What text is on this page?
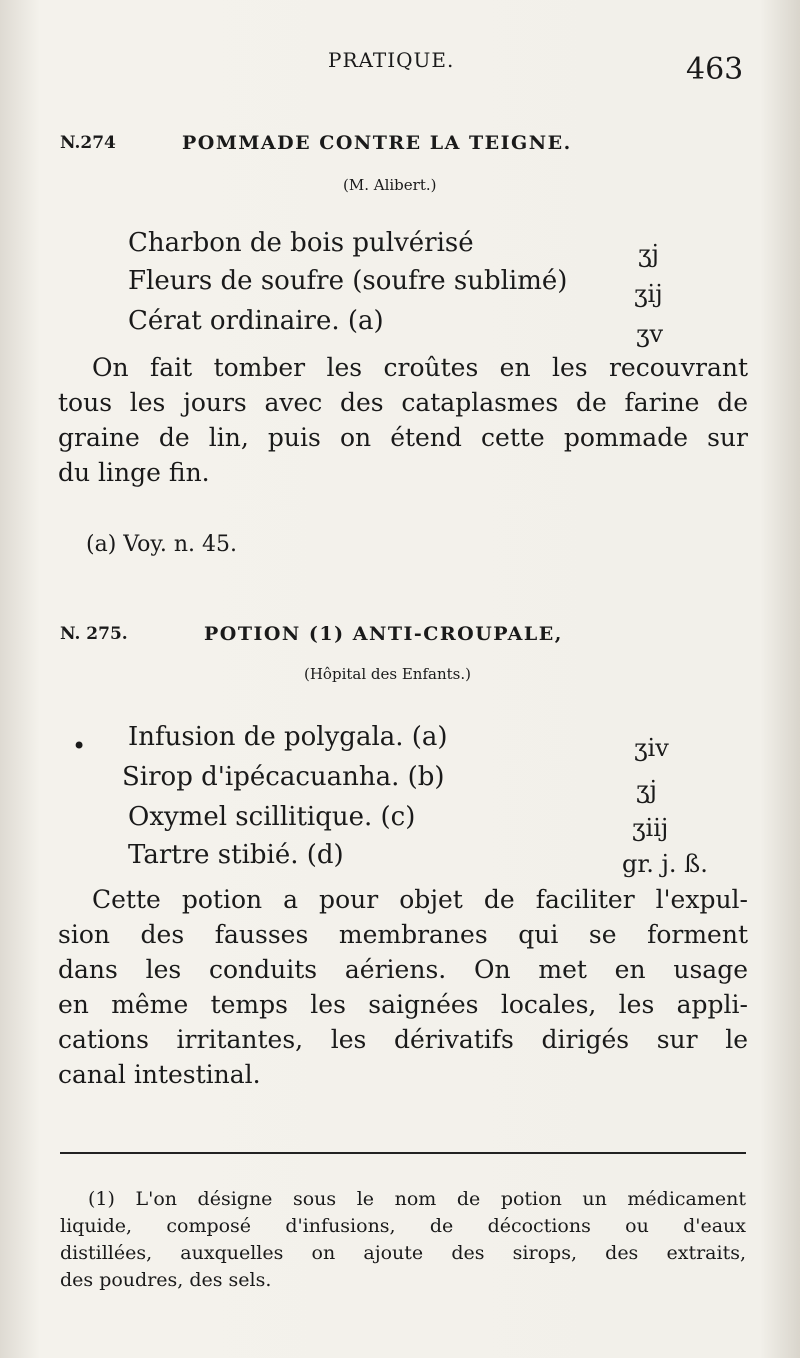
PRATIQUE.	463
N.274	POMMADE CONTRE LA TEIGNE.
(M. Alibert.)
Charbon de bois pulvérisé	ʒj
Fleurs de soufre (soufre sublimé)	ʒij
Cérat ordinaire. (a)	ʒv

On fait tomber les croûtes en les recouvrant

tous les jours avec des cataplasmes de farine de

graine de lin, puis on étend cette pommade sur

du linge fin.

(a) Voy. n. 45.
N. 275.	POTION (1) ANTI-CROUPALE,
(Hôpital des Enfants.)
• Infusion de polygala. (a)	ʒiv
Sirop d'ipécacuanha. (b)	ʒj
Oxymel scillitique. (c)	ʒiij
Tartre stibié. (d)	gr. j. ß.

Cette potion a pour objet de faciliter l'expul-

sion des fausses membranes qui se forment

dans les conduits aériens. On met en usage

en même temps les saignées locales, les appli-

cations irritantes, les dérivatifs dirigés sur le

canal intestinal.

(1) L'on désigne sous le nom de potion un médicament

liquide, composé d'infusions, de décoctions ou d'eaux

distillées, auxquelles on ajoute des sirops, des extraits,

des poudres, des sels.
